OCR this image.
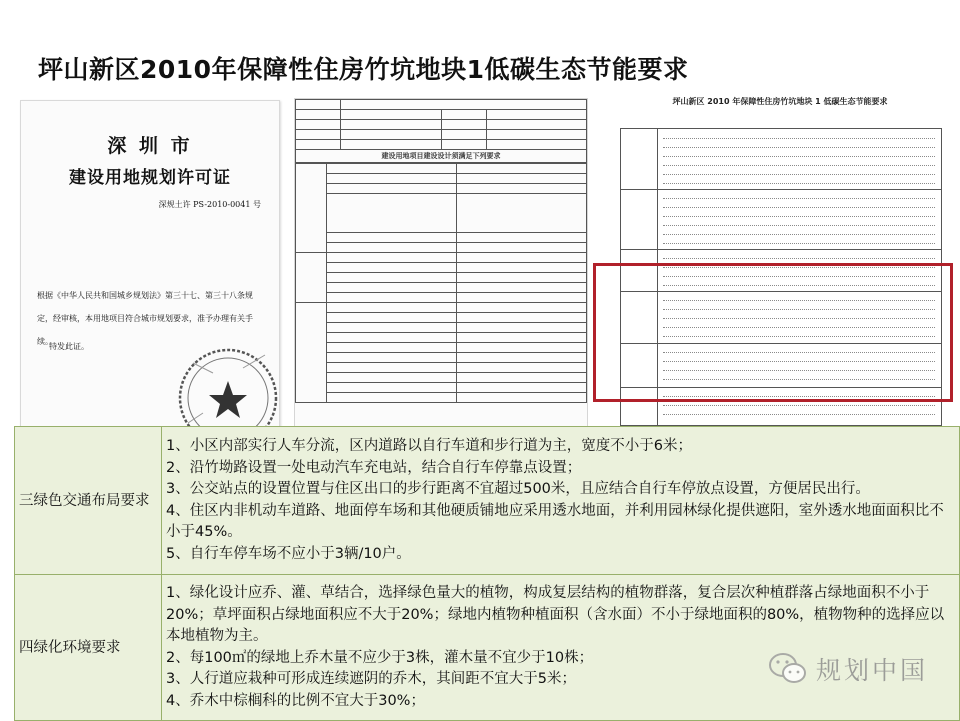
坪山新区2010年保障性住房竹坑地块1低碳生态节能要求
深 圳 市
建设用地规划许可证
深规土许 PS-2010-0041 号
根据《中华人民共和国城乡规划法》第三十七、第三十八条规
定，经审核，本用地项目符合城市规划要求，准予办理有关手续。
特发此证。

建设用地项目建设设计须满足下列要求			

坪山新区 2010 年保障性住房竹坑地块 1 低碳生态节能要求
三绿色交通布局要求	1、小区内部实行人车分流，区内道路以自行车道和步行道为主，宽度不小于6米；
2、沿竹坳路设置一处电动汽车充电站，结合自行车停靠点设置；
3、公交站点的设置位置与住区出口的步行距离不宜超过500米，且应结合自行车停放点设置，方便居民出行。
4、住区内非机动车道路、地面停车场和其他硬质铺地应采用透水地面，并利用园林绿化提供遮阳，室外透水地面面积比不小于45%。
5、自行车停车场不应小于3辆/10户。

四绿化环境要求	1、绿化设计应乔、灌、草结合，选择绿色量大的植物，构成复层结构的植物群落，复合层次种植群落占绿地面积不小于20%；草坪面积占绿地面积应不大于20%；绿地内植物种植面积（含水面）不小于绿地面积的80%，植物物种的选择应以本地植物为主。
2、每100㎡的绿地上乔木量不应少于3株，灌木量不宜少于10株；
3、人行道应栽种可形成连续遮阴的乔木，其间距不宜大于5米；
4、乔木中棕榈科的比例不宜大于30%；
规划中国
